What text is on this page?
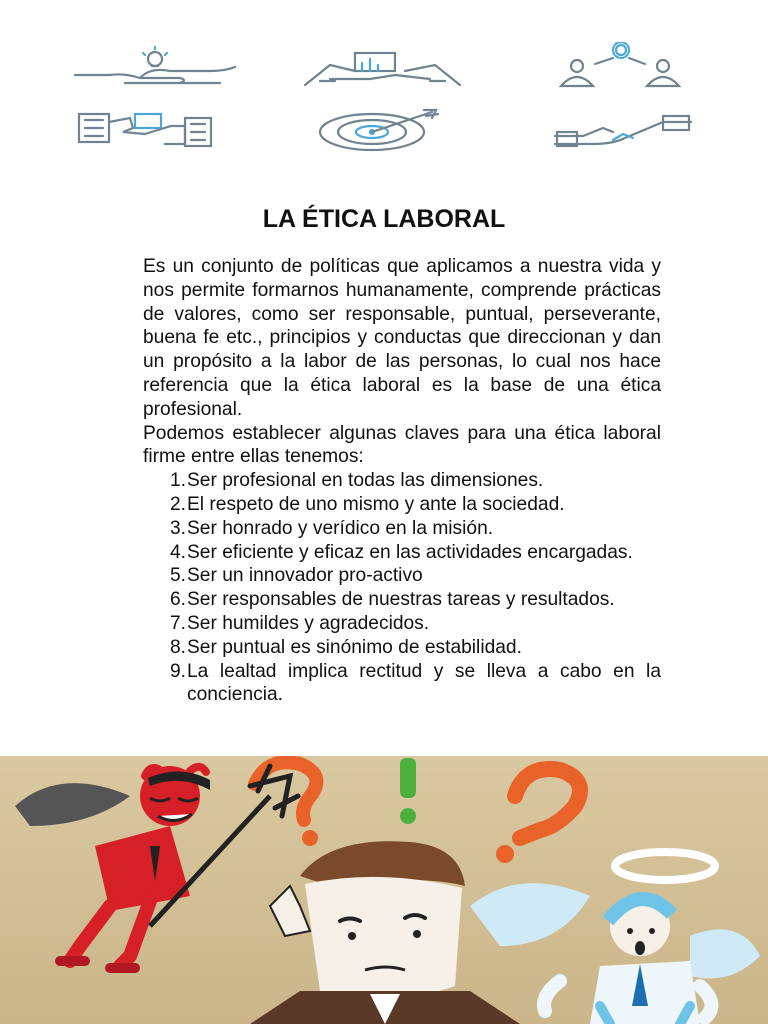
LA ÉTICA LABORAL

Es un conjunto de políticas que aplicamos a nuestra vida y nos permite formarnos humanamente, comprende prácticas de valores, como ser responsable, puntual, perseverante, buena fe etc., principios y conductas que direccionan y dan un propósito a la labor de las personas, lo cual nos hace referencia que la ética laboral es la base de una ética profesional.

Podemos establecer algunas claves para una ética laboral firme entre ellas tenemos:

1. Ser profesional en todas las dimensiones.
2. El respeto de uno mismo y ante la sociedad.
3. Ser honrado y verídico en la misión.
4. Ser eficiente y eficaz en las actividades encargadas.
5. Ser un innovador pro-activo
6. Ser responsables de nuestras tareas y resultados.
7. Ser humildes y agradecidos.
8. Ser puntual es sinónimo de estabilidad.
9. La lealtad implica rectitud y se lleva a cabo en la conciencia.
